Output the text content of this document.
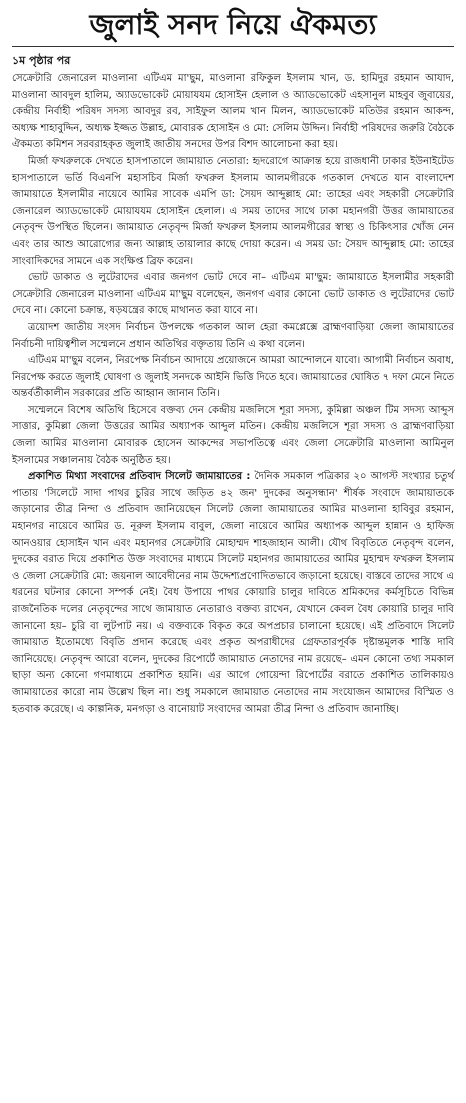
জুলাই সনদ নিয়ে ঐকমত্য

১ম পৃষ্ঠার পর

সেক্রেটারি জেনারেল মাওলানা এটিএম মা'ছুম, মাওলানা রফিকুল ইসলাম খান, ড. হামিদুর রহমান আযাদ, মাওলানা আবদুল হালিম, অ্যাডভোকেট মোয়াযযম হোসাইন হেলাল ও অ্যাডভোকেট এহসানুল মাহবুব জুবায়ের, কেন্দ্রীয় নির্বাহী পরিষদ সদস্য আবদুর রব, সাইফুল আলম খান মিলন, অ্যাডভোকেট মতিউর রহমান আকন্দ, অধ্যক্ষ শাহাবুদ্দিন, অধ্যক্ষ ইজ্জত উল্লাহ, মোবারক হোসাইন ও মো: সেলিম উদ্দিন। নির্বাহী পরিষদের জরুরি বৈঠকে ঐকমত্য কমিশন সরবরাহকৃত জুলাই জাতীয় সনদের উপর বিশদ আলোচনা করা হয়।

মির্জা ফখরুলকে দেখতে হাসপাতালে জামায়াত নেতারা: হৃদরোগে আক্রান্ত হয়ে রাজধানী ঢাকার ইউনাইটেড হাসপাতালে ভর্তি বিএনপি মহাসচিব মির্জা ফখরুল ইসলাম আলমগীরকে গতকাল দেখতে যান বাংলাদেশ জামায়াতে ইসলামীর নায়েবে আমির সাবেক এমপি ডা: সৈয়দ আব্দুল্লাহ মো: তাহের এবং সহকারী সেক্রেটারি জেনারেল অ্যাডভোকেট মোয়াযযম হোসাইন হেলাল। এ সময় তাদের সাথে ঢাকা মহানগরী উত্তর জামায়াতের নেতৃবৃন্দ উপস্থিত ছিলেন। জামায়াত নেতৃবৃন্দ মির্জা ফখরুল ইসলাম আলমগীরের স্বাস্থ্য ও চিকিৎসার খোঁজ নেন এবং তার আশু আরোগ্যের জন্য আল্লাহ তায়ালার কাছে দোয়া করেন। এ সময় ডা: সৈয়দ আব্দুল্লাহ মো: তাহের সাংবাদিকদের সামনে এক সংক্ষিপ্ত ব্রিফ করেন।

ভোট ডাকাত ও লুটেরাদের এবার জনগণ ভোট দেবে না– এটিএম মা'ছুম: জামায়াতে ইসলামীর সহকারী সেক্রেটারি জেনারেল মাওলানা এটিএম মা'ছুম বলেছেন, জনগণ এবার কোনো ভোট ডাকাত ও লুটেরাদের ভোট দেবে না। কোনো চক্রান্ত, ষড়যন্ত্রের কাছে মাথানত করা যাবে না।

ত্রয়োদশ জাতীয় সংসদ নির্বাচন উপলক্ষে গতকাল আল হেরা কমপ্লেক্সে ব্রাহ্মণবাড়িয়া জেলা জামায়াতের নির্বাচনী দায়িত্বশীল সম্মেলনে প্রধান অতিথির বক্তৃতায় তিনি এ কথা বলেন।

এটিএম মা'ছুম বলেন, নিরপেক্ষ নির্বাচন আদায়ে প্রয়োজনে আমরা আন্দোলনে যাবো। আগামী নির্বাচন অবাধ, নিরপেক্ষ করতে জুলাই ঘোষণা ও জুলাই সনদকে আইনি ভিত্তি দিতে হবে। জামায়াতের ঘোষিত ৭ দফা মেনে নিতে অন্তর্বর্তীকালীন সরকারের প্রতি আহ্বান জানান তিনি।

সম্মেলনে বিশেষ অতিথি হিসেবে বক্তব্য দেন কেন্দ্রীয় মজলিসে শূরা সদস্য, কুমিল্লা অঞ্চল টিম সদস্য আব্দুস সাত্তার, কুমিল্লা জেলা উত্তরের আমির অধ্যাপক আব্দুল মতিন। কেন্দ্রীয় মজলিসে শূরা সদস্য ও ব্রাহ্মণবাড়িয়া জেলা আমির মাওলানা মোবারক হোসেন আকন্দের সভাপতিত্বে এবং জেলা সেক্রেটারি মাওলানা আমিনুল ইসলামের সঞ্চালনায় বৈঠক অনুষ্ঠিত হয়।

প্রকাশিত মিথ্যা সংবাদের প্রতিবাদ সিলেট জামায়াতের : দৈনিক সমকাল পত্রিকার ২০ আগস্ট সংখ্যার চতুর্থ পাতায় 'সিলেটে সাদা পাথর চুরির সাথে জড়িত ৪২ জন' দুদকের অনুসন্ধান' শীর্ষক সংবাদে জামায়াতকে জড়ানোর তীব্র নিন্দা ও প্রতিবাদ জানিয়েছেন সিলেট জেলা জামায়াতের আমির মাওলানা হাবিবুর রহমান, মহানগর নায়েবে আমির ড. নূরুল ইসলাম বাবুল, জেলা নায়েবে আমির অধ্যাপক আব্দুল হান্নান ও হাফিজ আনওয়ার হোসাইন খান এবং মহানগর সেক্রেটারি মোহাম্মদ শাহজাহান আলী। যৌথ বিবৃতিতে নেতৃবৃন্দ বলেন, দুদকের বরাত দিয়ে প্রকাশিত উক্ত সংবাদের মাধ্যমে সিলেট মহানগর জামায়াতের আমির মুহাম্মদ ফখরুল ইসলাম ও জেলা সেক্রেটারি মো: জয়নাল আবেদীনের নাম উদ্দেশ্যপ্রণোদিতভাবে জড়ানো হয়েছে। বাস্তবে তাদের সাথে এ ধরনের ঘটনার কোনো সম্পর্ক নেই। বৈধ উপায়ে পাথর কোয়ারি চালুর দাবিতে শ্রমিকদের কর্মসূচিতে বিভিন্ন রাজনৈতিক দলের নেতৃবৃন্দের সাথে জামায়াত নেতারাও বক্তব্য রাখেন, যেখানে কেবল বৈধ কোয়ারি চালুর দাবি জানানো হয়– চুরি বা লুটপাট নয়। এ বক্তব্যকে বিকৃত করে অপপ্রচার চালানো হয়েছে। এই প্রতিবাদে সিলেট জামায়াত ইতোমধ্যে বিবৃতি প্রদান করেছে এবং প্রকৃত অপরাধীদের গ্রেফতারপূর্বক দৃষ্টান্তমূলক শাস্তি দাবি জানিয়েছে। নেতৃবৃন্দ আরো বলেন, দুদকের রিপোর্টে জামায়াত নেতাদের নাম রয়েছে– এমন কোনো তথ্য সমকাল ছাড়া অন্য কোনো গণমাধ্যমে প্রকাশিত হয়নি। এর আগে গোয়েন্দা রিপোর্টের বরাতে প্রকাশিত তালিকায়ও জামায়াতের কারো নাম উল্লেখ ছিল না। শুধু সমকালে জামায়াত নেতাদের নাম সংযোজন আমাদের বিস্মিত ও হতবাক করেছে। এ কাল্পনিক, মনগড়া ও বানোয়াট সংবাদের আমরা তীব্র নিন্দা ও প্রতিবাদ জানাচ্ছি।
